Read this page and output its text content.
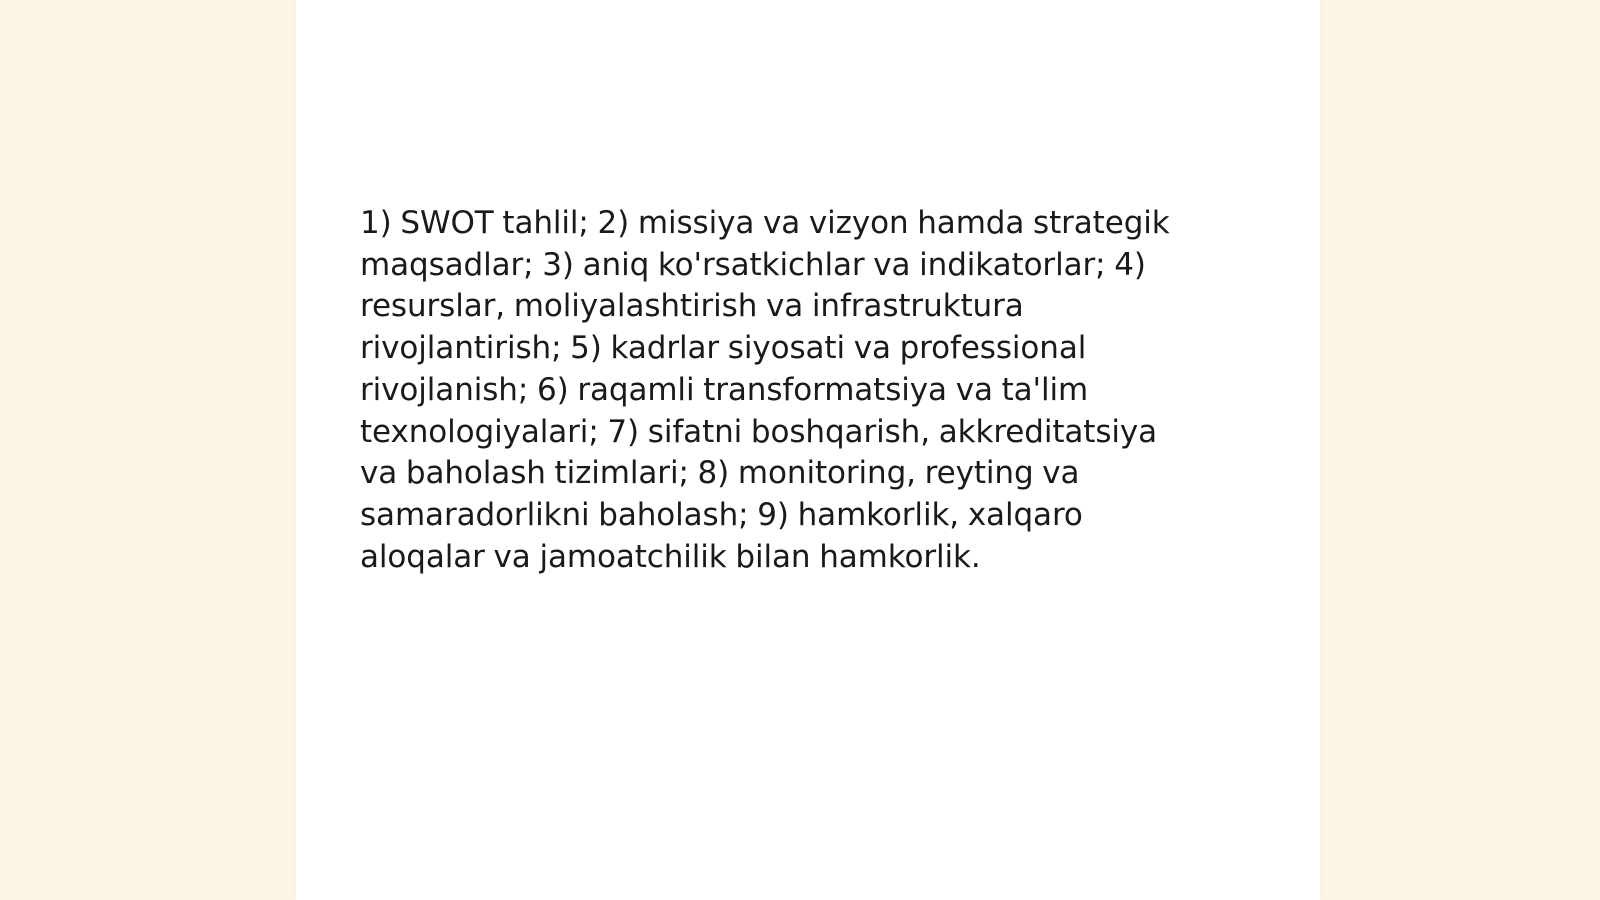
1) SWOT tahlil; 2) missiya va vizyon hamda strategik
maqsadlar; 3) aniq ko'rsatkichlar va indikatorlar; 4)
resurslar, moliyalashtirish va infrastruktura
rivojlantirish; 5) kadrlar siyosati va professional
rivojlanish; 6) raqamli transformatsiya va ta'lim
texnologiyalari; 7) sifatni boshqarish, akkreditatsiya
va baholash tizimlari; 8) monitoring, reyting va
samaradorlikni baholash; 9) hamkorlik, xalqaro
aloqalar va jamoatchilik bilan hamkorlik.
